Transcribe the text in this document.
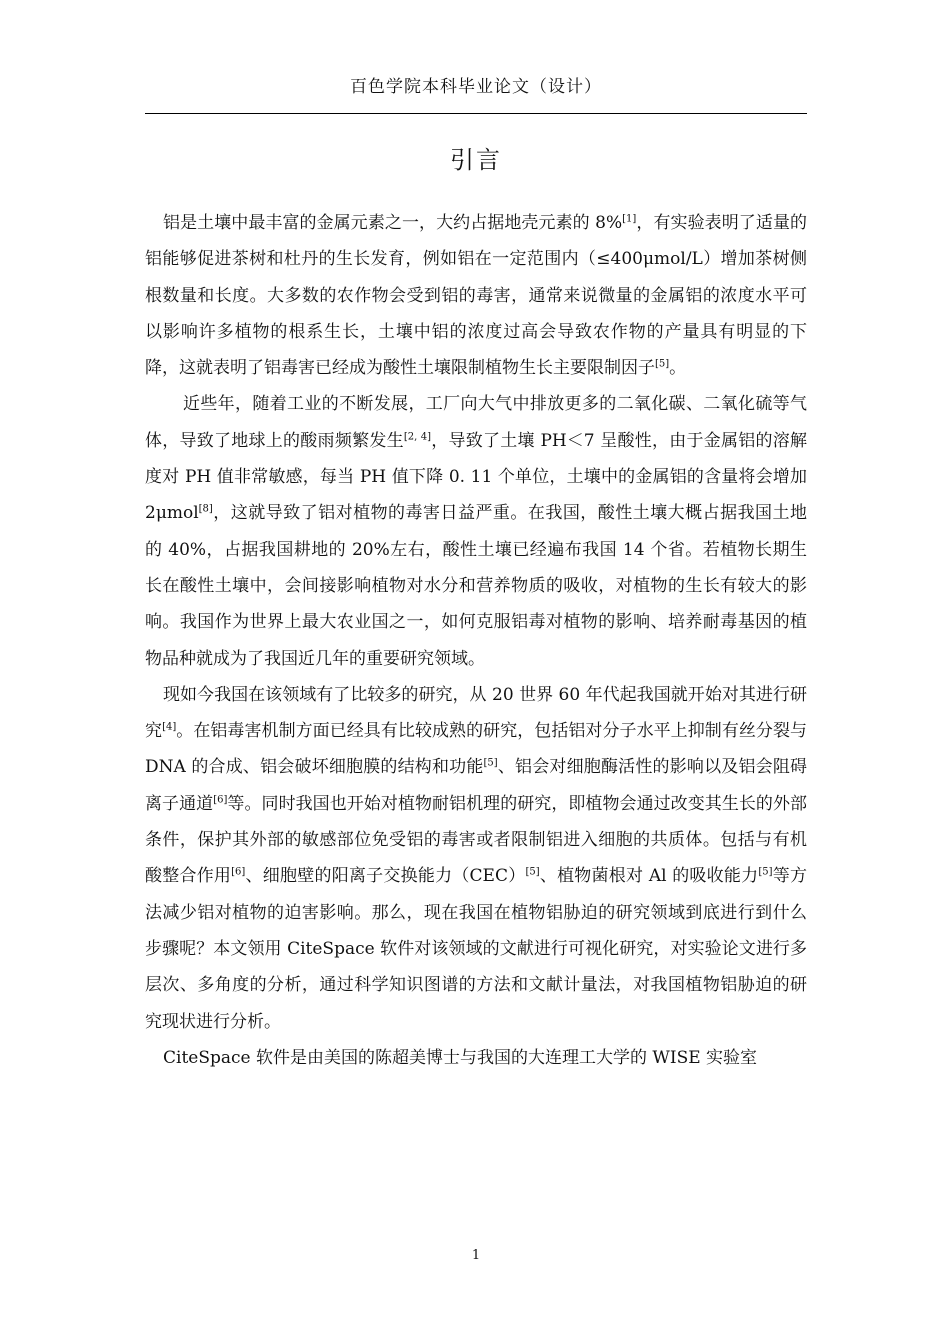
百色学院本科毕业论文（设计）
引言

铝是土壤中最丰富的金属元素之一，大约占据地壳元素的 8%[1]，有实验表明了适量的铝能够促进茶树和杜丹的生长发育，例如铝在一定范围内（≤400μmol/L）增加茶树侧根数量和长度。大多数的农作物会受到铝的毒害，通常来说微量的金属铝的浓度水平可以影响许多植物的根系生长，土壤中铝的浓度过高会导致农作物的产量具有明显的下降，这就表明了铝毒害已经成为酸性土壤限制植物生长主要限制因子[5]。

近些年，随着工业的不断发展，工厂向大气中排放更多的二氧化碳、二氧化硫等气体，导致了地球上的酸雨频繁发生[2, 4]，导致了土壤 PH＜7 呈酸性，由于金属铝的溶解度对 PH 值非常敏感，每当 PH 值下降 0. 11 个单位，土壤中的金属铝的含量将会增加 2μmol[8]，这就导致了铝对植物的毒害日益严重。在我国，酸性土壤大概占据我国土地的 40%，占据我国耕地的 20%左右，酸性土壤已经遍布我国 14 个省。若植物长期生长在酸性土壤中，会间接影响植物对水分和营养物质的吸收，对植物的生长有较大的影响。我国作为世界上最大农业国之一，如何克服铝毒对植物的影响、培养耐毒基因的植物品种就成为了我国近几年的重要研究领域。

现如今我国在该领域有了比较多的研究，从 20 世界 60 年代起我国就开始对其进行研究[4]。在铝毒害机制方面已经具有比较成熟的研究，包括铝对分子水平上抑制有丝分裂与 DNA 的合成、铝会破坏细胞膜的结构和功能[5]、铝会对细胞酶活性的影响以及铝会阻碍离子通道[6]等。同时我国也开始对植物耐铝机理的研究，即植物会通过改变其生长的外部条件，保护其外部的敏感部位免受铝的毒害或者限制铝进入细胞的共质体。包括与有机酸整合作用[6]、细胞壁的阳离子交换能力（CEC）[5]、植物菌根对 Al 的吸收能力[5]等方法减少铝对植物的迫害影响。那么，现在我国在植物铝胁迫的研究领域到底进行到什么步骤呢？本文领用 CiteSpace 软件对该领域的文献进行可视化研究，对实验论文进行多层次、多角度的分析，通过科学知识图谱的方法和文献计量法，对我国植物铝胁迫的研究现状进行分析。

CiteSpace 软件是由美国的陈超美博士与我国的大连理工大学的 WISE 实验室

1
